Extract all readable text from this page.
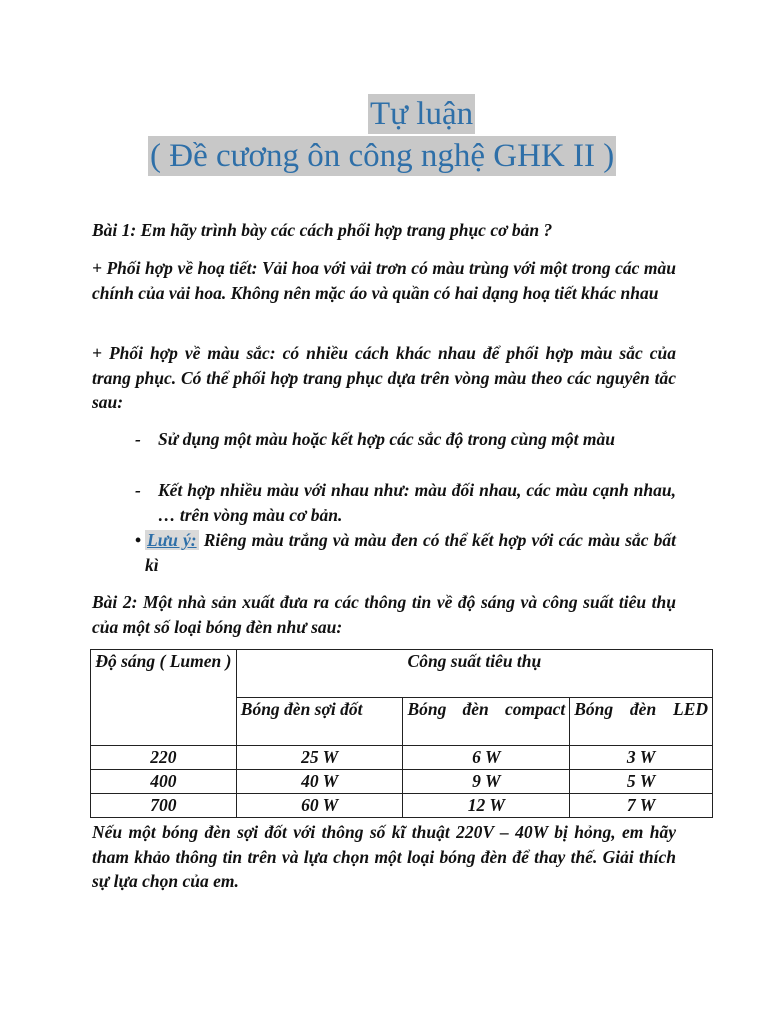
Tự luận
( Đề cương ôn công nghệ GHK II )

Bài 1: Em hãy trình bày các cách phối hợp trang phục cơ bản ?

+ Phối hợp về hoạ tiết: Vải hoa với vải trơn có màu trùng với một trong các màu chính của vải hoa. Không nên mặc áo và quần có hai dạng hoạ tiết khác nhau

+ Phối hợp về màu sắc: có nhiều cách khác nhau để phối hợp màu sắc của trang phục. Có thể phối hợp trang phục dựa trên vòng màu theo các nguyên tắc sau:

- Sử dụng một màu hoặc kết hợp các sắc độ trong cùng một màu
- Kết hợp nhiều màu với nhau như: màu đối nhau, các màu cạnh nhau, … trên vòng màu cơ bản.
• Lưu ý: Riêng màu trắng và màu đen có thể kết hợp với các màu sắc bất kì

Bài 2: Một nhà sản xuất đưa ra các thông tin về độ sáng và công suất tiêu thụ của một số loại bóng đèn như sau:

Độ sáng ( Lumen )	Công suất tiêu thụ		
	Bóng đèn sợi đốt	Bóng đèn compact	Bóng đèn LED
220	25 W	6 W	3 W
400	40 W	9 W	5 W
700	60 W	12 W	7 W

Nếu một bóng đèn sợi đốt với thông số kĩ thuật 220V – 40W bị hỏng, em hãy tham khảo thông tin trên và lựa chọn một loại bóng đèn để thay thế. Giải thích sự lựa chọn của em.
